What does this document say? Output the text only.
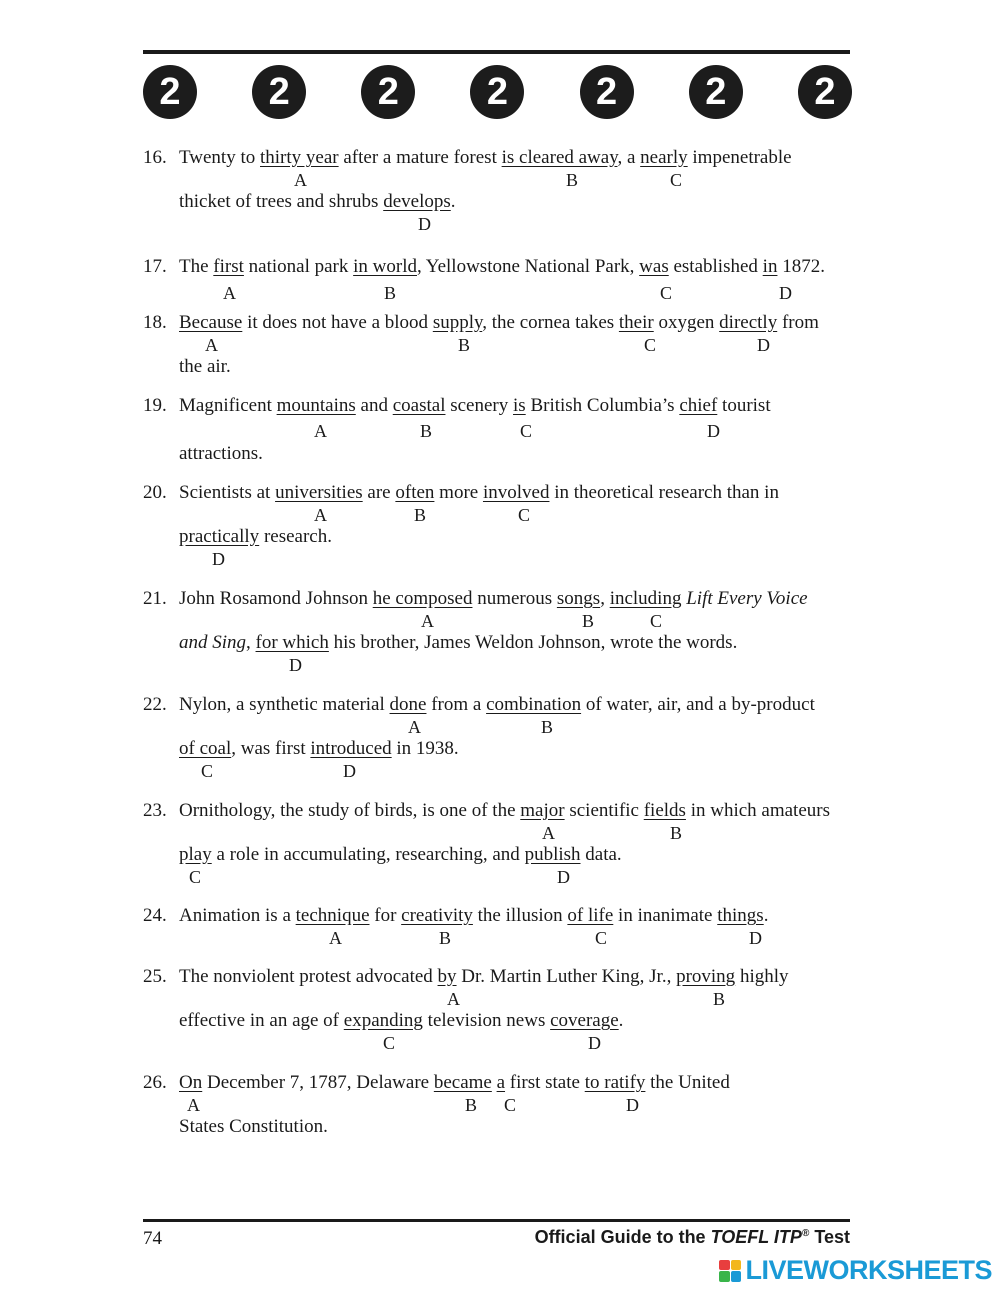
2	2	2	2	2	2	2
16. Twenty to thirty year after a mature forest is cleared away, a nearly impenetrable
A	B	C
thicket of trees and shrubs develops.
D
17. The first national park in world, Yellowstone National Park, was established in 1872.
A	B	C	D
18. Because it does not have a blood supply, the cornea takes their oxygen directly from
A	B	C	D
the air.
19. Magnificent mountains and coastal scenery is British Columbia’s chief tourist
A	B	C	D
attractions.
20. Scientists at universities are often more involved in theoretical research than in
A	B	C
practically research.
D
21. John Rosamond Johnson he composed numerous songs, including Lift Every Voice
A	B	C
and Sing, for which his brother, James Weldon Johnson, wrote the words.
D
22. Nylon, a synthetic material done from a combination of water, air, and a by-product
A	B
of coal, was first introduced in 1938.
C	D
23. Ornithology, the study of birds, is one of the major scientific fields in which amateurs
A	B
play a role in accumulating, researching, and publish data.
C	D
24. Animation is a technique for creativity the illusion of life in inanimate things.
A	B	C	D
25. The nonviolent protest advocated by Dr. Martin Luther King, Jr., proving highly
A	B
effective in an age of expanding television news coverage.
C	D
26. On December 7, 1787, Delaware became a first state to ratify the United
A	B C	D
States Constitution.
74	Official Guide to the TOEFL ITP® Test
LIVEWORKSHEETS
